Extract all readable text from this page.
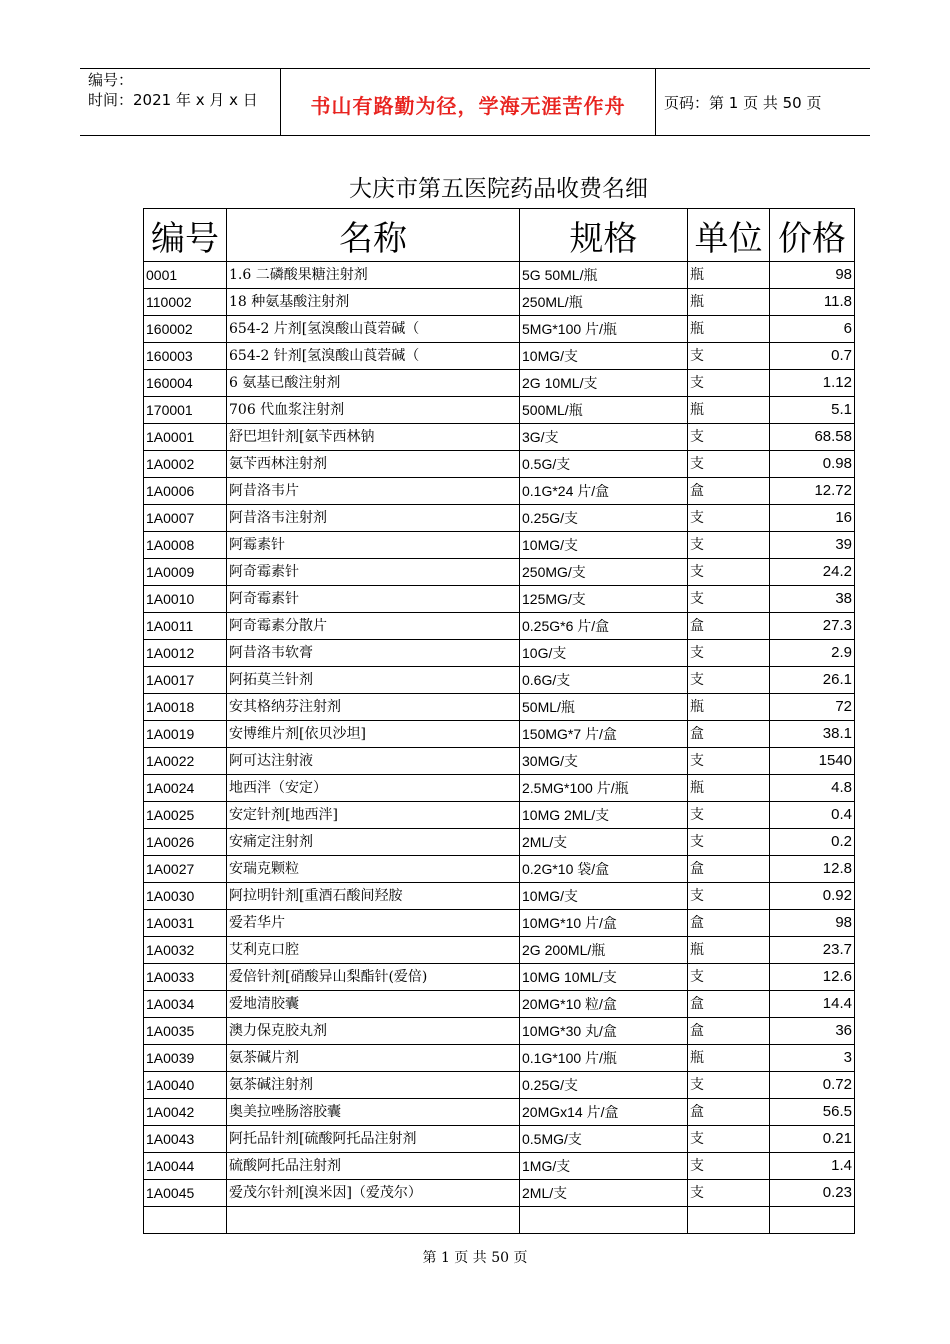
编号：
时间：2021 年 x 月 x 日	书山有路勤为径，学海无涯苦作舟	页码：第 1 页 共 50 页
大庆市第五医院药品收费名细
编号	名称	规格	单位	价格
0001	1.6 二磷酸果糖注射剂	5G 50ML/瓶	瓶	98
110002	18 种氨基酸注射剂	250ML/瓶	瓶	11.8
160002	654-2 片剂[氢溴酸山莨菪碱（	5MG*100 片/瓶	瓶	6
160003	654-2 针剂[氢溴酸山莨菪碱（	10MG/支	支	0.7
160004	6 氨基已酸注射剂	2G 10ML/支	支	1.12
170001	706 代血浆注射剂	500ML/瓶	瓶	5.1
1A0001	舒巴坦针剂[氨苄西林钠	3G/支	支	68.58
1A0002	氨苄西林注射剂	0.5G/支	支	0.98
1A0006	阿昔洛韦片	0.1G*24 片/盒	盒	12.72
1A0007	阿昔洛韦注射剂	0.25G/支	支	16
1A0008	阿霉素针	10MG/支	支	39
1A0009	阿奇霉素针	250MG/支	支	24.2
1A0010	阿奇霉素针	125MG/支	支	38
1A0011	阿奇霉素分散片	0.25G*6 片/盒	盒	27.3
1A0012	阿昔洛韦软膏	10G/支	支	2.9
1A0017	阿拓莫兰针剂	0.6G/支	支	26.1
1A0018	安其格纳芬注射剂	50ML/瓶	瓶	72
1A0019	安博维片剂[依贝沙坦]	150MG*7 片/盒	盒	38.1
1A0022	阿可达注射液	30MG/支	支	1540
1A0024	地西泮（安定）	2.5MG*100 片/瓶	瓶	4.8
1A0025	安定针剂[地西泮]	10MG 2ML/支	支	0.4
1A0026	安痛定注射剂	2ML/支	支	0.2
1A0027	安瑞克颗粒	0.2G*10 袋/盒	盒	12.8
1A0030	阿拉明针剂[重酒石酸间羟胺	10MG/支	支	0.92
1A0031	爱若华片	10MG*10 片/盒	盒	98
1A0032	艾利克口腔	2G 200ML/瓶	瓶	23.7
1A0033	爱倍针剂[硝酸异山梨酯针(爱倍)	10MG 10ML/支	支	12.6
1A0034	爱地清胶囊	20MG*10 粒/盒	盒	14.4
1A0035	澳力保克胶丸剂	10MG*30 丸/盒	盒	36
1A0039	氨茶碱片剂	0.1G*100 片/瓶	瓶	3
1A0040	氨茶碱注射剂	0.25G/支	支	0.72
1A0042	奥美拉唑肠溶胶囊	20MGx14 片/盒	盒	56.5
1A0043	阿托品针剂[硫酸阿托品注射剂	0.5MG/支	支	0.21
1A0044	硫酸阿托品注射剂	1MG/支	支	1.4
1A0045	爱茂尔针剂[溴米因]（爱茂尔）	2ML/支	支	0.23

第 1 页 共 50 页
